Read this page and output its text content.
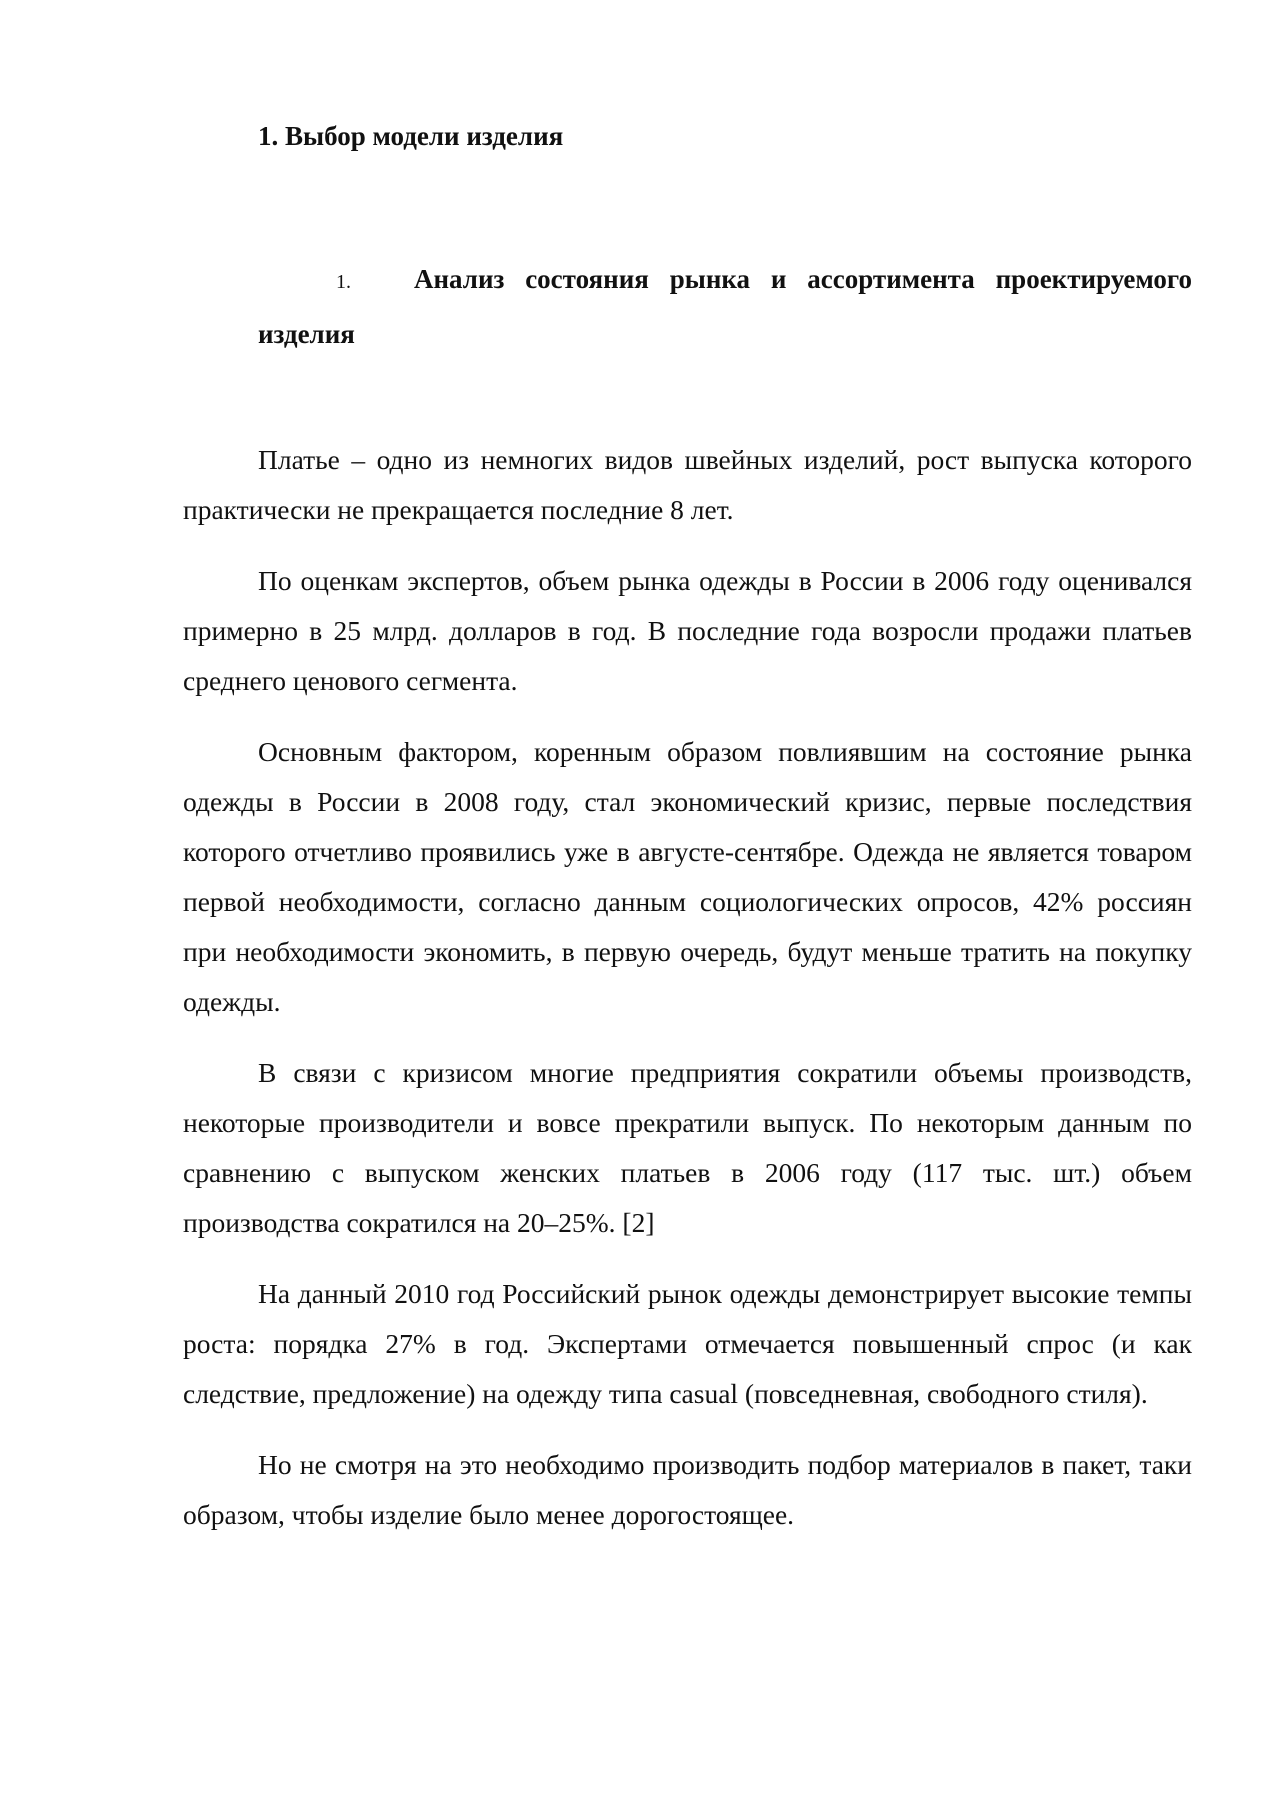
1. Выбор модели изделия
1. Анализ состояния рынка и ассортимента проектируемого изделия

Платье – одно из немногих видов швейных изделий, рост выпуска которого практически не прекращается последние 8 лет.

По оценкам экспертов, объем рынка одежды в России в 2006 году оценивался примерно в 25 млрд. долларов в год. В последние года возросли продажи платьев среднего ценового сегмента.

Основным фактором, коренным образом повлиявшим на состояние рынка одежды в России в 2008 году, стал экономический кризис, первые последствия которого отчетливо проявились уже в августе-сентябре. Одежда не является товаром первой необходимости, согласно данным социологических опросов, 42% россиян при необходимости экономить, в первую очередь, будут меньше тратить на покупку одежды.

В связи с кризисом многие предприятия сократили объемы производств, некоторые производители и вовсе прекратили выпуск. По некоторым данным по сравнению с выпуском женских платьев в 2006 году (117 тыс. шт.) объем производства сократился на 20–25%. [2]

На данный 2010 год Российский рынок одежды демонстрирует высокие темпы роста: порядка 27% в год. Экспертами отмечается повышенный спрос (и как следствие, предложение) на одежду типа casual (повседневная, свободного стиля).

Но не смотря на это необходимо производить подбор материалов в пакет, таки образом, чтобы изделие было менее дорогостоящее.
